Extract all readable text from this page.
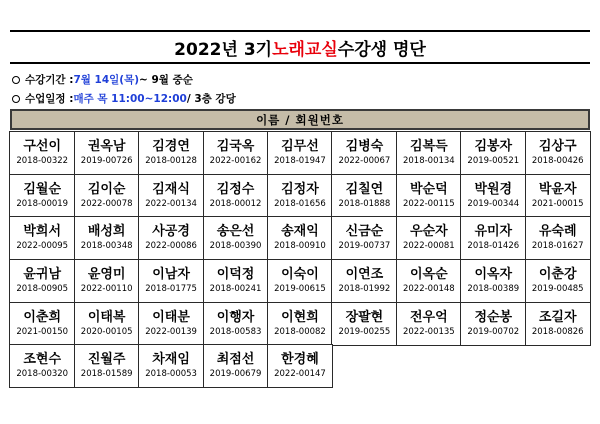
2022년 3기 노래교실 수강생 명단
수강기간 : 7월 14일(목) ~ 9월 중순
수업일정 : 매주 목 11:00~12:00 / 3층 강당
이름 / 회원번호
구선이
2018-00322
권옥남
2019-00726
김경연
2018-00128
김국옥
2022-00162
김무선
2018-01947
김병숙
2022-00067
김복득
2018-00134
김봉자
2019-00521
김상구
2018-00426
김월순
2018-00019
김이순
2022-00078
김재식
2022-00134
김정수
2018-00012
김정자
2018-01656
김칠연
2018-01888
박순덕
2022-00115
박원경
2019-00344
박윤자
2021-00015
박희서
2022-00095
배성희
2018-00348
사공경
2022-00086
송은선
2018-00390
송재익
2018-00910
신금순
2019-00737
우순자
2022-00081
유미자
2018-01426
유숙례
2018-01627
윤귀남
2018-00905
윤영미
2022-00110
이남자
2018-01775
이덕정
2018-00241
이숙이
2019-00615
이연조
2018-01992
이옥순
2022-00148
이옥자
2018-00389
이춘강
2019-00485
이춘희
2021-00150
이태복
2020-00105
이태분
2022-00139
이행자
2018-00583
이현희
2018-00082
장팔현
2019-00255
전우억
2022-00135
정순봉
2019-00702
조길자
2018-00826
조현수
2018-00320
진월주
2018-01589
차재임
2018-00053
최점선
2019-00679
한경혜
2022-00147
